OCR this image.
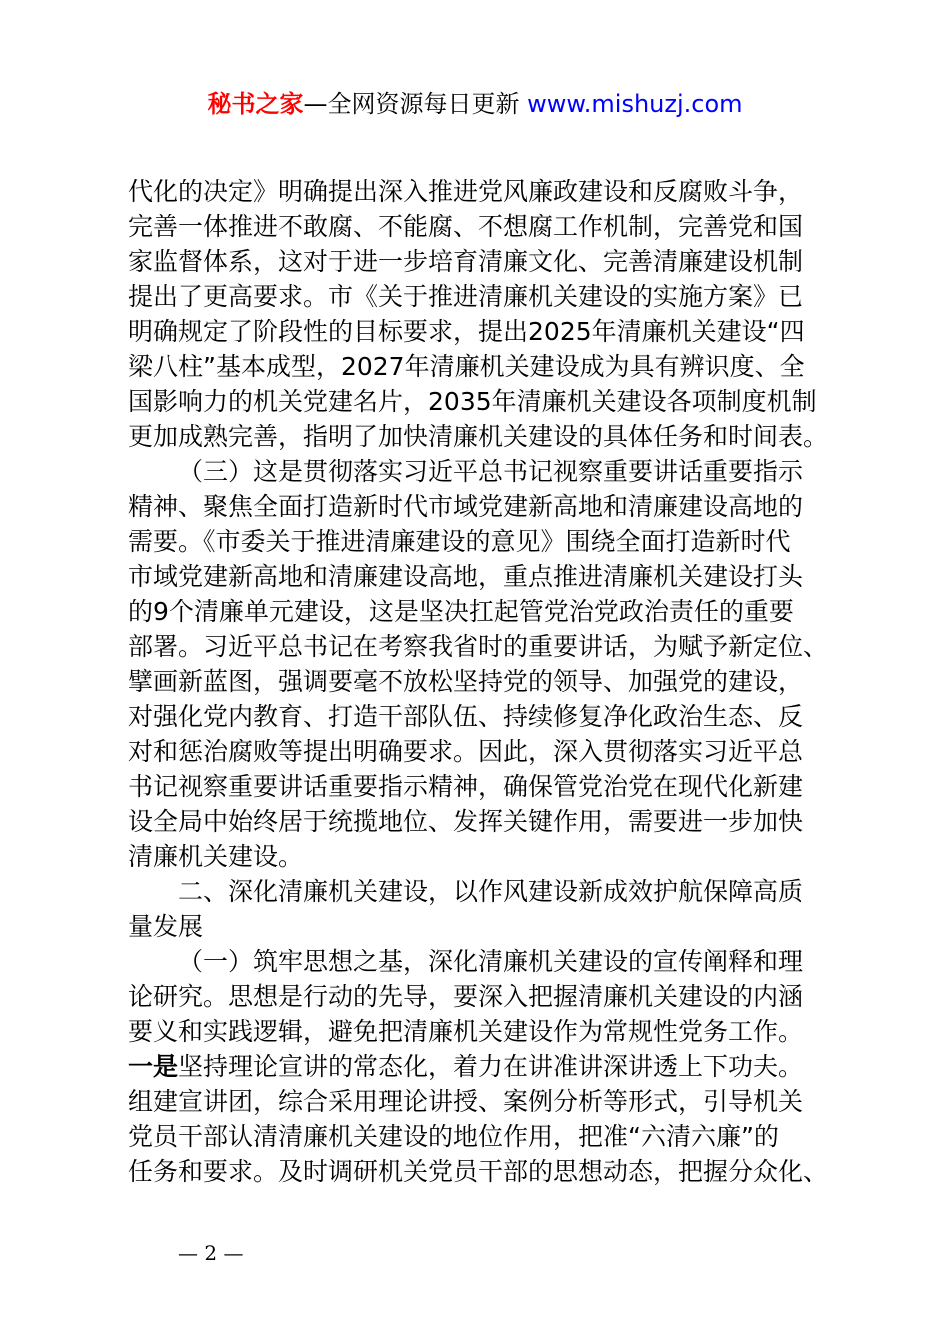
秘书之家—全网资源每日更新 www.mishuzj.com
代化的决定》明确提出深入推进党风廉政建设和反腐败斗争，
完善一体推进不敢腐、不能腐、不想腐工作机制，完善党和国
家监督体系，这对于进一步培育清廉文化、完善清廉建设机制
提出了更高要求。市《关于推进清廉机关建设的实施方案》已
明确规定了阶段性的目标要求，提出2025年清廉机关建设“四
梁八柱”基本成型，2027年清廉机关建设成为具有辨识度、全
国影响力的机关党建名片，2035年清廉机关建设各项制度机制
更加成熟完善，指明了加快清廉机关建设的具体任务和时间表。
（三）这是贯彻落实习近平总书记视察重要讲话重要指示
精神、聚焦全面打造新时代市域党建新高地和清廉建设高地的
需要。《市委关于推进清廉建设的意见》围绕全面打造新时代
市域党建新高地和清廉建设高地，重点推进清廉机关建设打头
的9个清廉单元建设，这是坚决扛起管党治党政治责任的重要
部署。习近平总书记在考察我省时的重要讲话，为赋予新定位、
擘画新蓝图，强调要毫不放松坚持党的领导、加强党的建设，
对强化党内教育、打造干部队伍、持续修复净化政治生态、反
对和惩治腐败等提出明确要求。因此，深入贯彻落实习近平总
书记视察重要讲话重要指示精神，确保管党治党在现代化新建
设全局中始终居于统揽地位、发挥关键作用，需要进一步加快
清廉机关建设。
二、深化清廉机关建设，以作风建设新成效护航保障高质
量发展
（一）筑牢思想之基，深化清廉机关建设的宣传阐释和理
论研究。思想是行动的先导，要深入把握清廉机关建设的内涵
要义和实践逻辑，避免把清廉机关建设作为常规性党务工作。
一是坚持理论宣讲的常态化，着力在讲准讲深讲透上下功夫。
组建宣讲团，综合采用理论讲授、案例分析等形式，引导机关
党员干部认清清廉机关建设的地位作用，把准“六清六廉”的
任务和要求。及时调研机关党员干部的思想动态，把握分众化、
— 2 —
